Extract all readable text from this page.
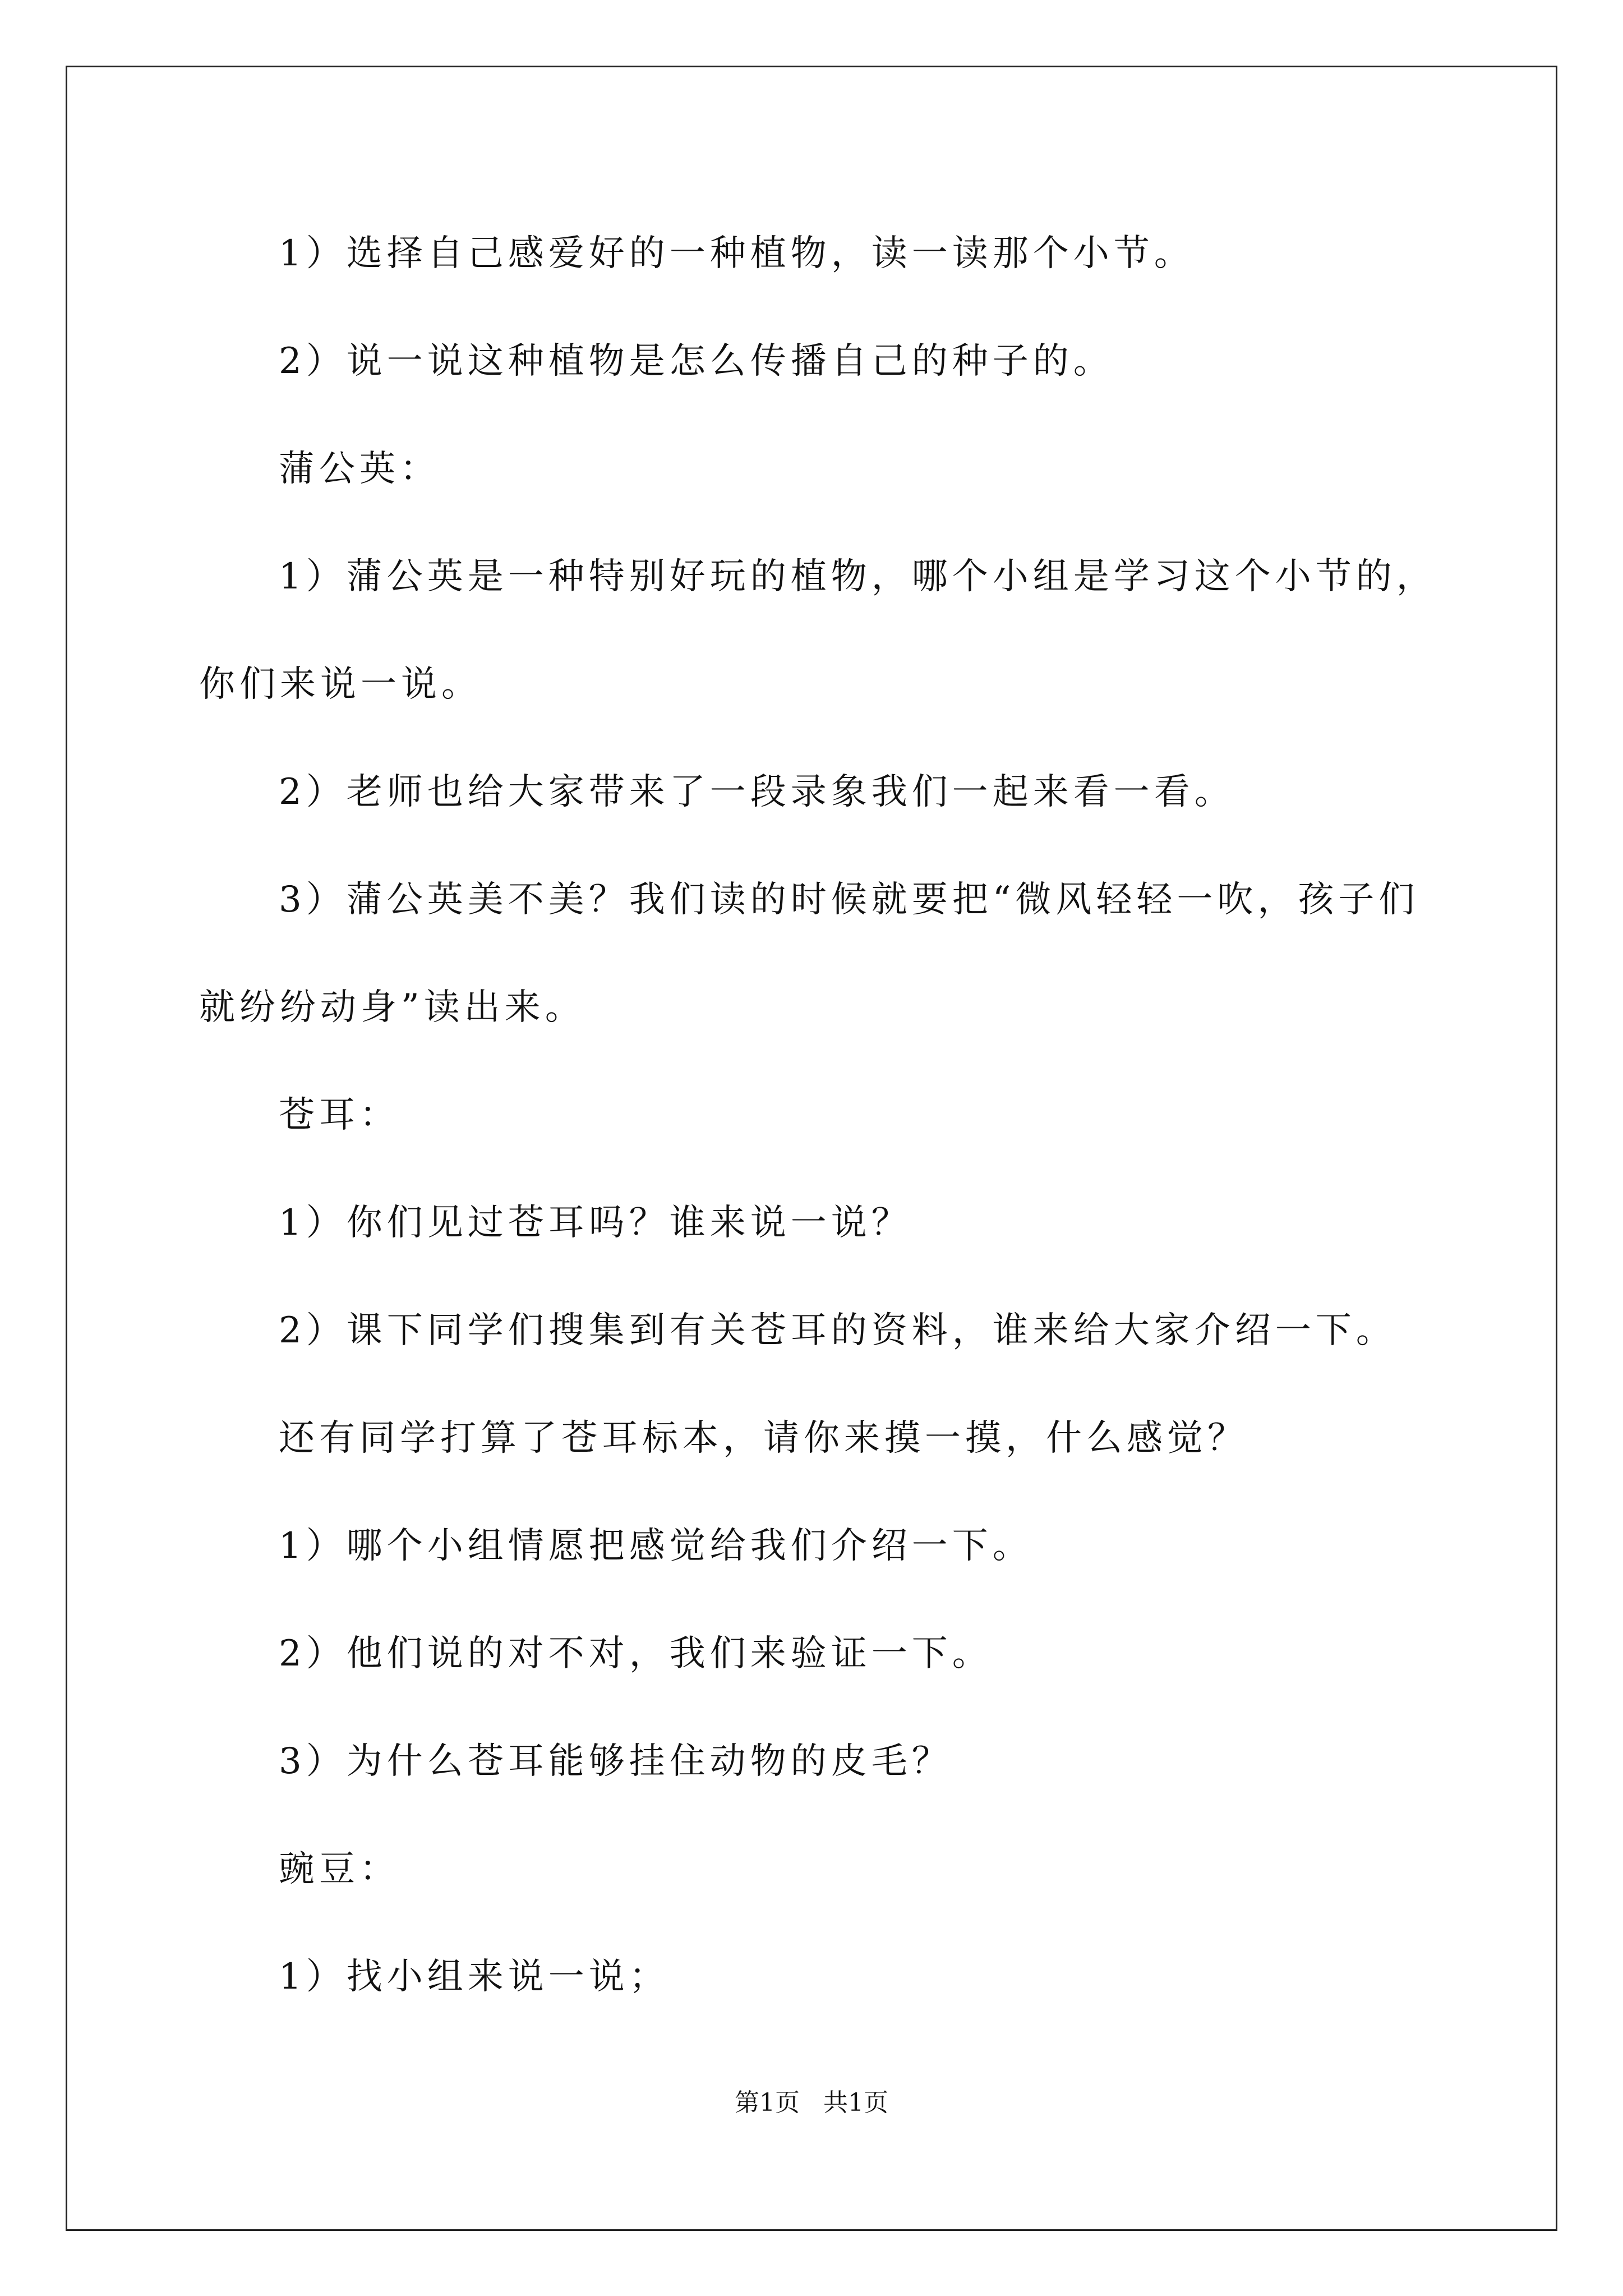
1）选择自己感爱好的一种植物，读一读那个小节。

2）说一说这种植物是怎么传播自己的种子的。

蒲公英：

1）蒲公英是一种特别好玩的植物，哪个小组是学习这个小节的，

你们来说一说。

2）老师也给大家带来了一段录象我们一起来看一看。

3）蒲公英美不美？我们读的时候就要把“微风轻轻一吹，孩子们

就纷纷动身”读出来。

苍耳：

1）你们见过苍耳吗？谁来说一说？

2）课下同学们搜集到有关苍耳的资料，谁来给大家介绍一下。

还有同学打算了苍耳标本，请你来摸一摸，什么感觉？

1）哪个小组情愿把感觉给我们介绍一下。

2）他们说的对不对，我们来验证一下。

3）为什么苍耳能够挂住动物的皮毛？

豌豆：

1）找小组来说一说；

第1页   共1页
